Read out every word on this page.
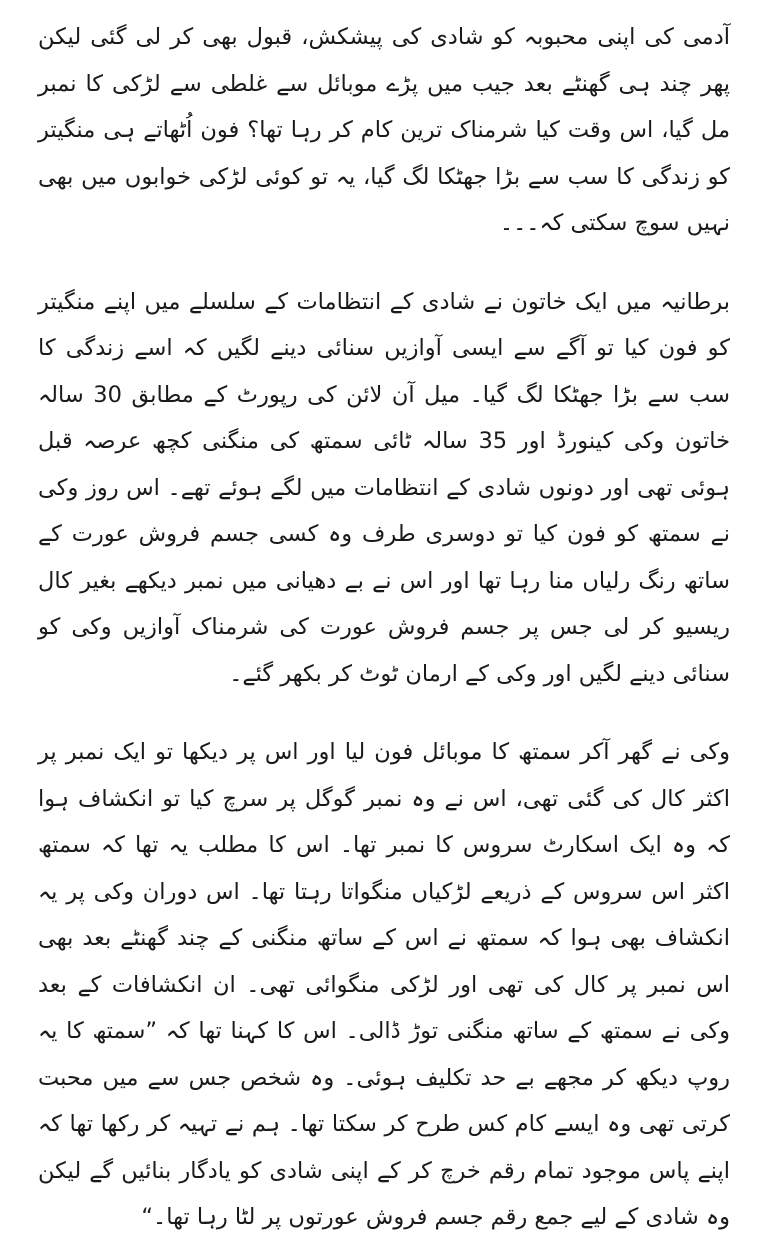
آدمی کی اپنی محبوبہ کو شادی کی پیشکش، قبول بھی کر لی گئی لیکن پھر چند ہی گھنٹے بعد جیب میں پڑے موبائل سے غلطی سے لڑکی کا نمبر مل گیا، اس وقت کیا شرمناک ترین کام کر رہا تھا؟ فون اُٹھاتے ہی منگیتر کو زندگی کا سب سے بڑا جھٹکا لگ گیا، یہ تو کوئی لڑکی خوابوں میں بھی نہیں سوچ سکتی کہ۔۔۔

برطانیہ میں ایک خاتون نے شادی کے انتظامات کے سلسلے میں اپنے منگیتر کو فون کیا تو آگے سے ایسی آوازیں سنائی دینے لگیں کہ اسے زندگی کا سب سے بڑا جھٹکا لگ گیا۔ میل آن لائن کی رپورٹ کے مطابق 30 سالہ خاتون وکی کینورڈ اور 35 سالہ ٹائی سمتھ کی منگنی کچھ عرصہ قبل ہوئی تھی اور دونوں شادی کے انتظامات میں لگے ہوئے تھے۔ اس روز وکی نے سمتھ کو فون کیا تو دوسری طرف وہ کسی جسم فروش عورت کے ساتھ رنگ رلیاں منا رہا تھا اور اس نے بے دھیانی میں نمبر دیکھے بغیر کال ریسیو کر لی جس پر جسم فروش عورت کی شرمناک آوازیں وکی کو سنائی دینے لگیں اور وکی کے ارمان ٹوٹ کر بکھر گئے۔

وکی نے گھر آکر سمتھ کا موبائل فون لیا اور اس پر دیکھا تو ایک نمبر پر اکثر کال کی گئی تھی، اس نے وہ نمبر گوگل پر سرچ کیا تو انکشاف ہوا کہ وہ ایک اسکارٹ سروس کا نمبر تھا۔ اس کا مطلب یہ تھا کہ سمتھ اکثر اس سروس کے ذریعے لڑکیاں منگواتا رہتا تھا۔ اس دوران وکی پر یہ انکشاف بھی ہوا کہ سمتھ نے اس کے ساتھ منگنی کے چند گھنٹے بعد بھی اس نمبر پر کال کی تھی اور لڑکی منگوائی تھی۔ ان انکشافات کے بعد وکی نے سمتھ کے ساتھ منگنی توڑ ڈالی۔ اس کا کہنا تھا کہ ”سمتھ کا یہ روپ دیکھ کر مجھے بے حد تکلیف ہوئی۔ وہ شخص جس سے میں محبت کرتی تھی وہ ایسے کام کس طرح کر سکتا تھا۔ ہم نے تہیہ کر رکھا تھا کہ اپنے پاس موجود تمام رقم خرچ کر کے اپنی شادی کو یادگار بنائیں گے لیکن وہ شادی کے لیے جمع رقم جسم فروش عورتوں پر لٹا رہا تھا۔“
